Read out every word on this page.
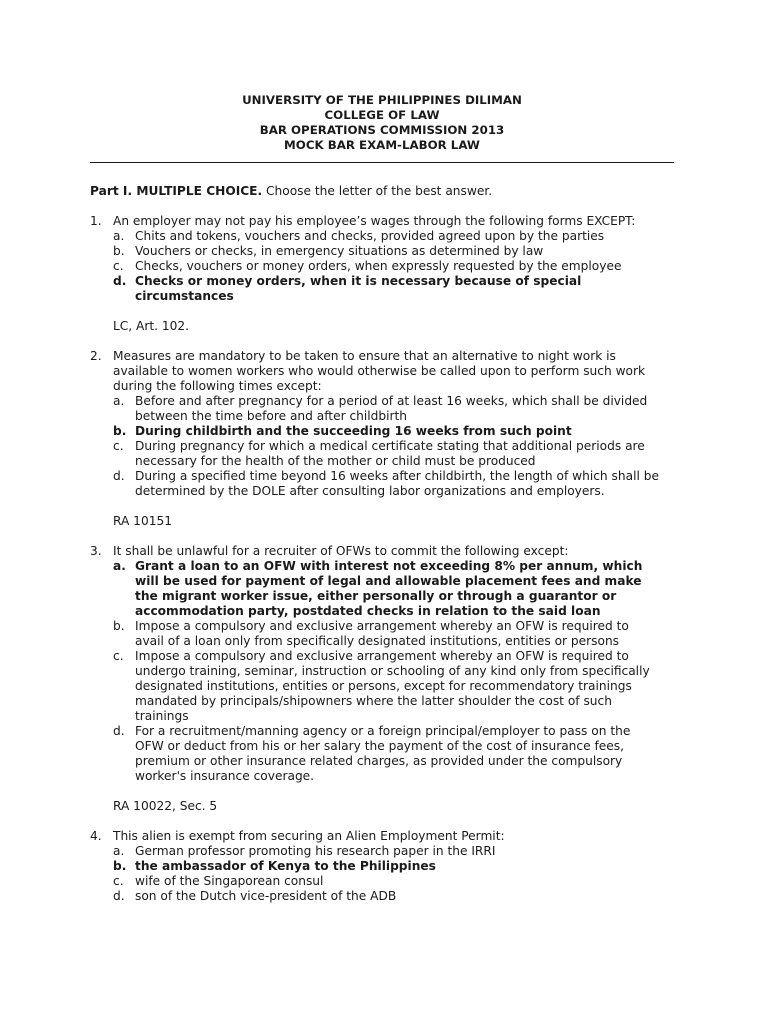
UNIVERSITY OF THE PHILIPPINES DILIMAN
COLLEGE OF LAW
BAR OPERATIONS COMMISSION 2013
MOCK BAR EXAM-LABOR LAW

Part I. MULTIPLE CHOICE. Choose the letter of the best answer.

1. An employer may not pay his employee’s wages through the following forms EXCEPT:

a. Chits and tokens, vouchers and checks, provided agreed upon by the parties

b. Vouchers or checks, in emergency situations as determined by law

c. Checks, vouchers or money orders, when expressly requested by the employee

d. Checks or money orders, when it is necessary because of special circumstances

LC, Art. 102.

2. Measures are mandatory to be taken to ensure that an alternative to night work is available to women workers who would otherwise be called upon to perform such work during the following times except:

a. Before and after pregnancy for a period of at least 16 weeks, which shall be divided between the time before and after childbirth

b. During childbirth and the succeeding 16 weeks from such point

c. During pregnancy for which a medical certificate stating that additional periods are necessary for the health of the mother or child must be produced

d. During a specified time beyond 16 weeks after childbirth, the length of which shall be determined by the DOLE after consulting labor organizations and employers.

RA 10151

3. It shall be unlawful for a recruiter of OFWs to commit the following except:

a. Grant a loan to an OFW with interest not exceeding 8% per annum, which will be used for payment of legal and allowable placement fees and make the migrant worker issue, either personally or through a guarantor or accommodation party, postdated checks in relation to the said loan

b. Impose a compulsory and exclusive arrangement whereby an OFW is required to avail of a loan only from specifically designated institutions, entities or persons

c. Impose a compulsory and exclusive arrangement whereby an OFW is required to undergo training, seminar, instruction or schooling of any kind only from specifically designated institutions, entities or persons, except for recommendatory trainings mandated by principals/shipowners where the latter shoulder the cost of such trainings

d. For a recruitment/manning agency or a foreign principal/employer to pass on the OFW or deduct from his or her salary the payment of the cost of insurance fees, premium or other insurance related charges, as provided under the compulsory worker's insurance coverage.

RA 10022, Sec. 5

4. This alien is exempt from securing an Alien Employment Permit:

a. German professor promoting his research paper in the IRRI

b. the ambassador of Kenya to the Philippines

c. wife of the Singaporean consul

d. son of the Dutch vice-president of the ADB
